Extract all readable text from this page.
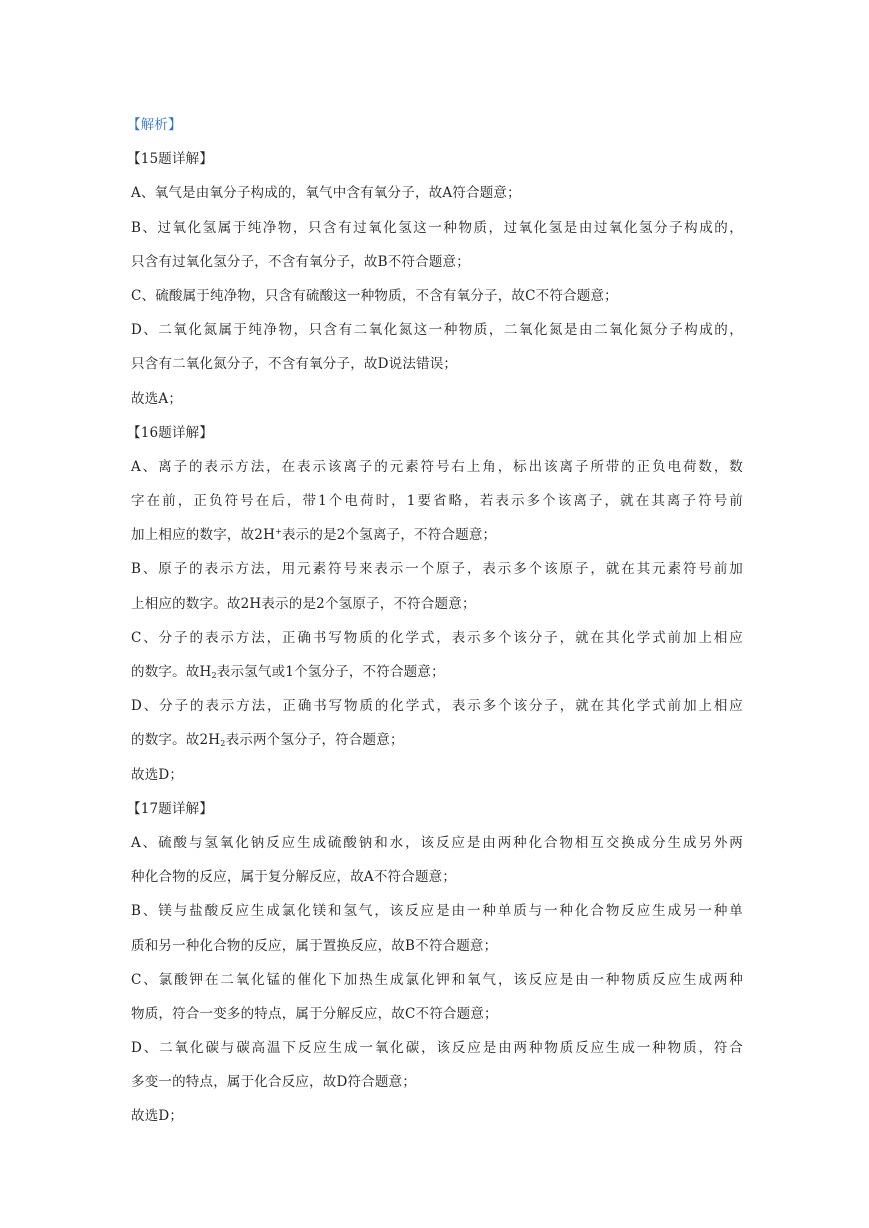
【解析】
【15题详解】
A、氧气是由氧分子构成的，氧气中含有氧分子，故A符合题意；
B、过氧化氢属于纯净物，只含有过氧化氢这一种物质，过氧化氢是由过氧化氢分子构成的，
只含有过氧化氢分子，不含有氧分子，故B不符合题意；
C、硫酸属于纯净物，只含有硫酸这一种物质，不含有氧分子，故C不符合题意；
D、二氧化氮属于纯净物，只含有二氧化氮这一种物质，二氧化氮是由二氧化氮分子构成的，
只含有二氧化氮分子，不含有氧分子，故D说法错误；
故选A；
【16题详解】
A、离子的表示方法，在表示该离子的元素符号右上角，标出该离子所带的正负电荷数，数
字在前，正负符号在后，带1个电荷时，1要省略，若表示多个该离子，就在其离子符号前
加上相应的数字，故2H+表示的是2个氢离子，不符合题意；
B、原子的表示方法，用元素符号来表示一个原子，表示多个该原子，就在其元素符号前加
上相应的数字。故2H表示的是2个氢原子，不符合题意；
C、分子的表示方法，正确书写物质的化学式，表示多个该分子，就在其化学式前加上相应
的数字。故$H_2$表示氢气或1个氢分子，不符合题意；
D、分子的表示方法，正确书写物质的化学式，表示多个该分子，就在其化学式前加上相应
的数字。故$2H_2$表示两个氢分子，符合题意；
故选D；
【17题详解】
A、硫酸与氢氧化钠反应生成硫酸钠和水，该反应是由两种化合物相互交换成分生成另外两
种化合物的反应，属于复分解反应，故A不符合题意；
B、镁与盐酸反应生成氯化镁和氢气，该反应是由一种单质与一种化合物反应生成另一种单
质和另一种化合物的反应，属于置换反应，故B不符合题意；
C、氯酸钾在二氧化锰的催化下加热生成氯化钾和氧气，该反应是由一种物质反应生成两种
物质，符合一变多的特点，属于分解反应，故C不符合题意；
D、二氧化碳与碳高温下反应生成一氧化碳，该反应是由两种物质反应生成一种物质，符合
多变一的特点，属于化合反应，故D符合题意；
故选D；
